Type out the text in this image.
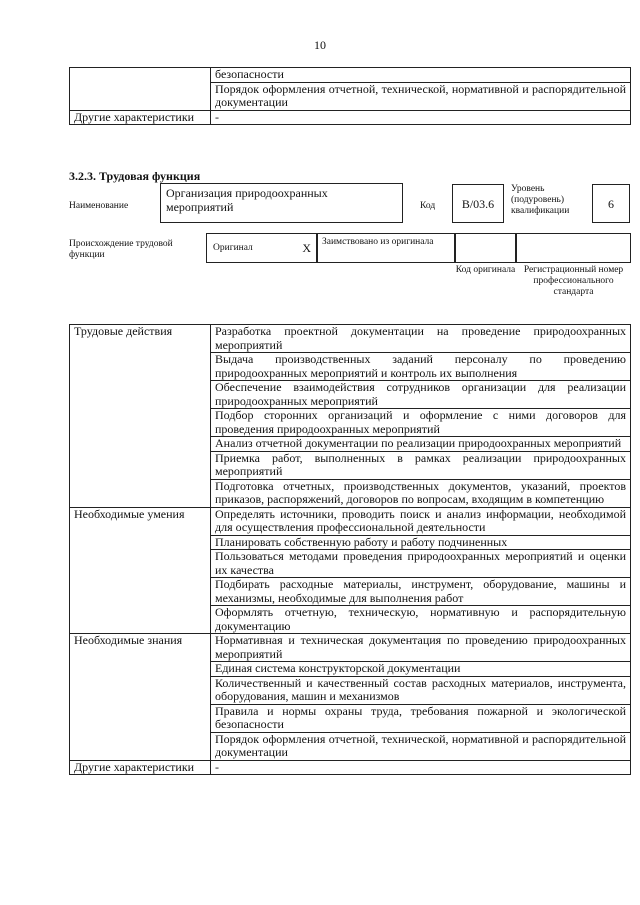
10
	безопасности
	Порядок оформления отчетной, технической, нормативной и распорядительной документации
Другие характеристики	-
3.2.3. Трудовая функция
Наименование
Организация природоохранных мероприятий	Код	B/03.6
Уровень (подуровень) квалификации	6
Происхождение трудовой функции
Оригинал	X	Заимствовано из оригинала
Код оригинала Регистрационный номер профессионального стандарта
Трудовые действия	Разработка проектной документации на проведение природоохранных мероприятий
	Выдача производственных заданий персоналу по проведению природоохранных мероприятий и контроль их выполнения
	Обеспечение взаимодействия сотрудников организации для реализации природоохранных мероприятий
	Подбор сторонних организаций и оформление с ними договоров для проведения природоохранных мероприятий
	Анализ отчетной документации по реализации природоохранных мероприятий
	Приемка работ, выполненных в рамках реализации природоохранных мероприятий
	Подготовка отчетных, производственных документов, указаний, проектов приказов, распоряжений, договоров по вопросам, входящим в компетенцию
Необходимые умения	Определять источники, проводить поиск и анализ информации, необходимой для осуществления профессиональной деятельности
	Планировать собственную работу и работу подчиненных
	Пользоваться методами проведения природоохранных мероприятий и оценки их качества
	Подбирать расходные материалы, инструмент, оборудование, машины и механизмы, необходимые для выполнения работ
	Оформлять отчетную, техническую, нормативную и распорядительную документацию
Необходимые знания	Нормативная и техническая документация по проведению природоохранных мероприятий
	Единая система конструкторской документации
	Количественный и качественный состав расходных материалов, инструмента, оборудования, машин и механизмов
	Правила и нормы охраны труда, требования пожарной и экологической безопасности
	Порядок оформления отчетной, технической, нормативной и распорядительной документации
Другие характеристики	-
